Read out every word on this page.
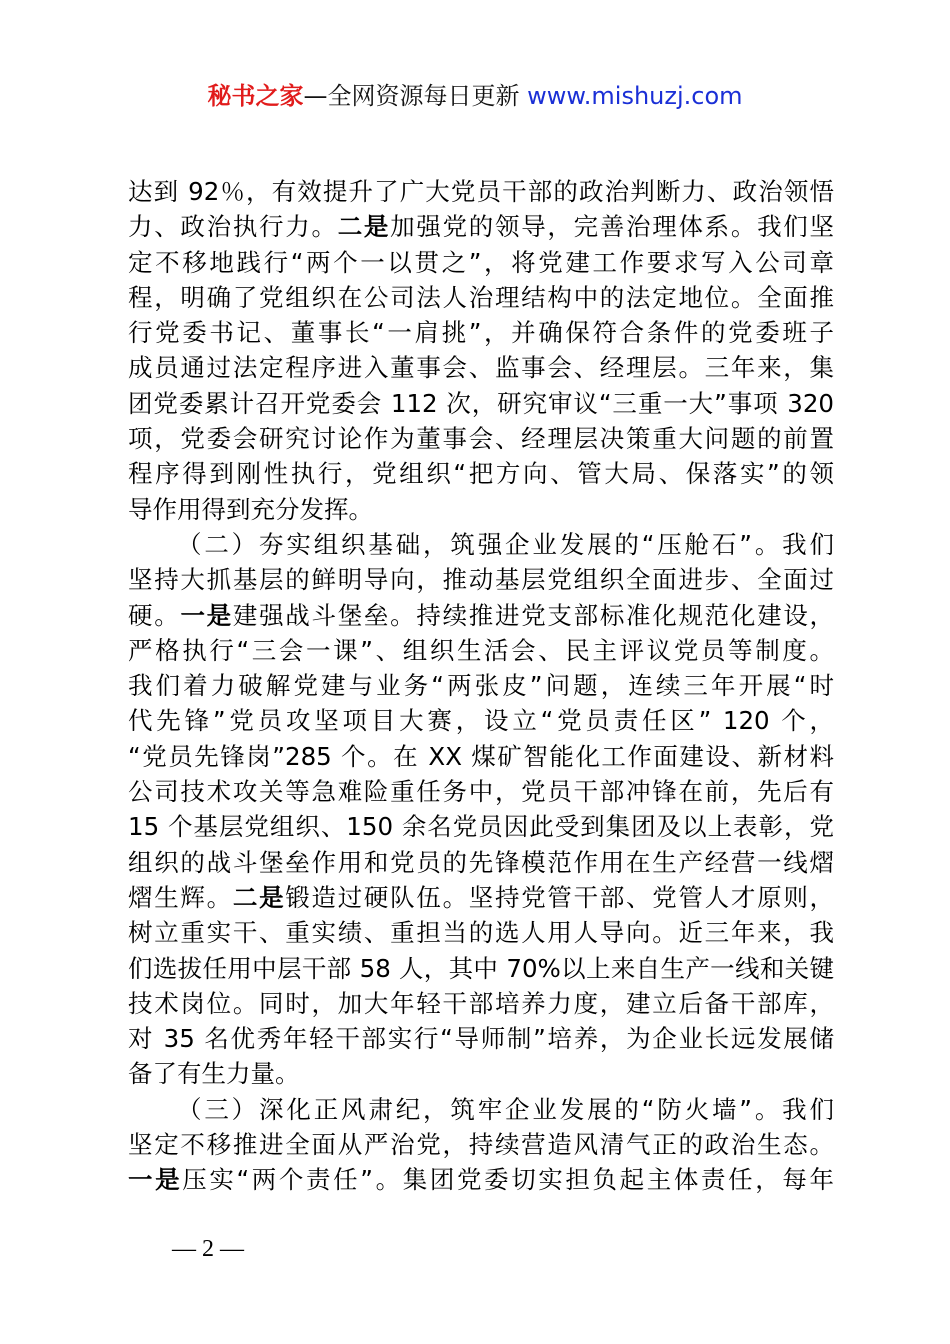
秘书之家—全网资源每日更新 www.mishuzj.com
达到 92％，有效提升了广大党员干部的政治判断力、政治领悟
力、政治执行力。二是加强党的领导，完善治理体系。我们坚
定不移地践行“两个一以贯之”，将党建工作要求写入公司章
程，明确了党组织在公司法人治理结构中的法定地位。全面推
行党委书记、董事长“一肩挑”，并确保符合条件的党委班子
成员通过法定程序进入董事会、监事会、经理层。三年来，集
团党委累计召开党委会 112 次，研究审议“三重一大”事项 320
项，党委会研究讨论作为董事会、经理层决策重大问题的前置
程序得到刚性执行，党组织“把方向、管大局、保落实”的领
导作用得到充分发挥。
（二）夯实组织基础，筑强企业发展的“压舱石”。我们
坚持大抓基层的鲜明导向，推动基层党组织全面进步、全面过
硬。一是建强战斗堡垒。持续推进党支部标准化规范化建设，
严格执行“三会一课”、组织生活会、民主评议党员等制度。
我们着力破解党建与业务“两张皮”问题，连续三年开展“时
代先锋”党员攻坚项目大赛，设立“党员责任区” 120 个，
“党员先锋岗”285 个。在 XX 煤矿智能化工作面建设、新材料
公司技术攻关等急难险重任务中，党员干部冲锋在前，先后有
15 个基层党组织、150 余名党员因此受到集团及以上表彰，党
组织的战斗堡垒作用和党员的先锋模范作用在生产经营一线熠
熠生辉。二是锻造过硬队伍。坚持党管干部、党管人才原则，
树立重实干、重实绩、重担当的选人用人导向。近三年来，我
们选拔任用中层干部 58 人，其中 70%以上来自生产一线和关键
技术岗位。同时，加大年轻干部培养力度，建立后备干部库，
对 35 名优秀年轻干部实行“导师制”培养，为企业长远发展储
备了有生力量。
（三）深化正风肃纪，筑牢企业发展的“防火墙”。我们
坚定不移推进全面从严治党，持续营造风清气正的政治生态。
一是压实“两个责任”。集团党委切实担负起主体责任，每年
— 2 —
